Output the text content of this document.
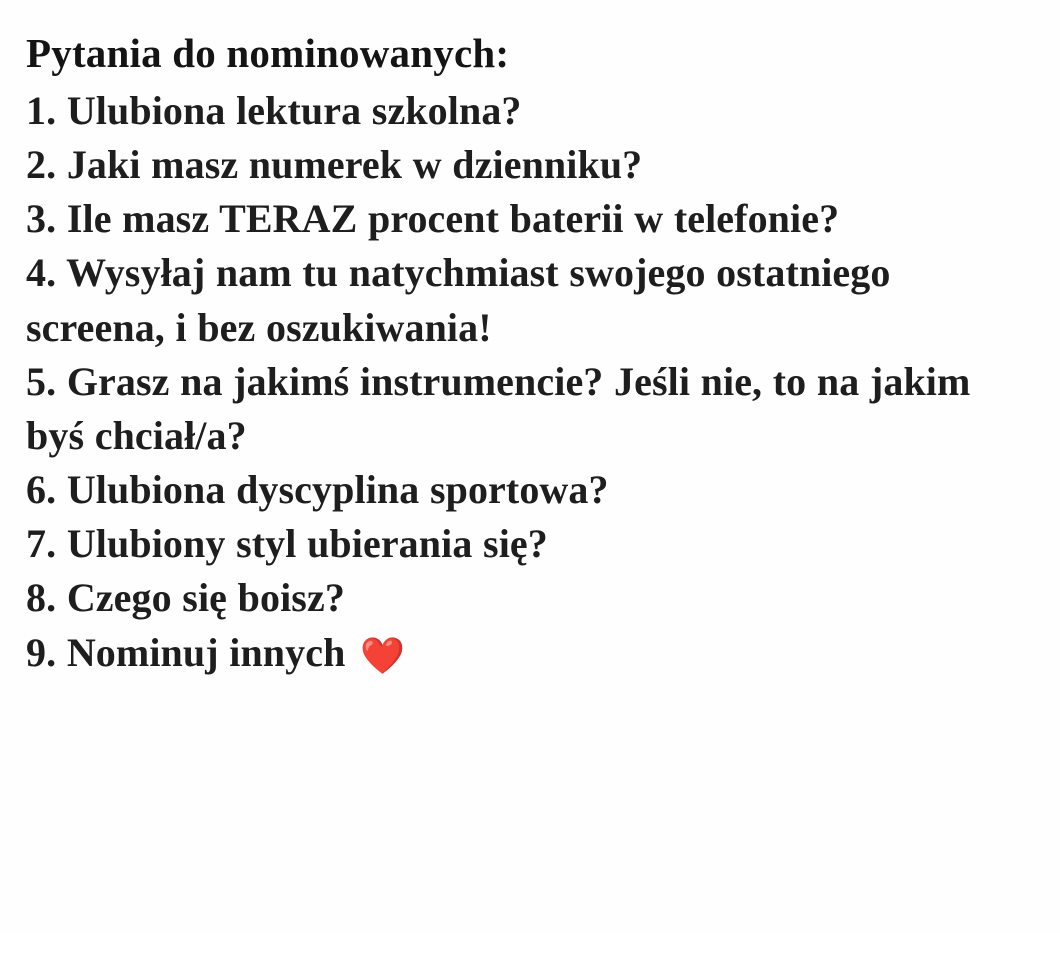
Pytania do nominowanych:
1. Ulubiona lektura szkolna?
2. Jaki masz numerek w dzienniku?
3. Ile masz TERAZ procent baterii w telefonie?
4. Wysyłaj nam tu natychmiast swojego ostatniego screena, i bez oszukiwania!
5. Grasz na jakimś instrumencie? Jeśli nie, to na jakim byś chciał/a?
6. Ulubiona dyscyplina sportowa?
7. Ulubiony styl ubierania się?
8. Czego się boisz?
9. Nominuj innych ❤️
